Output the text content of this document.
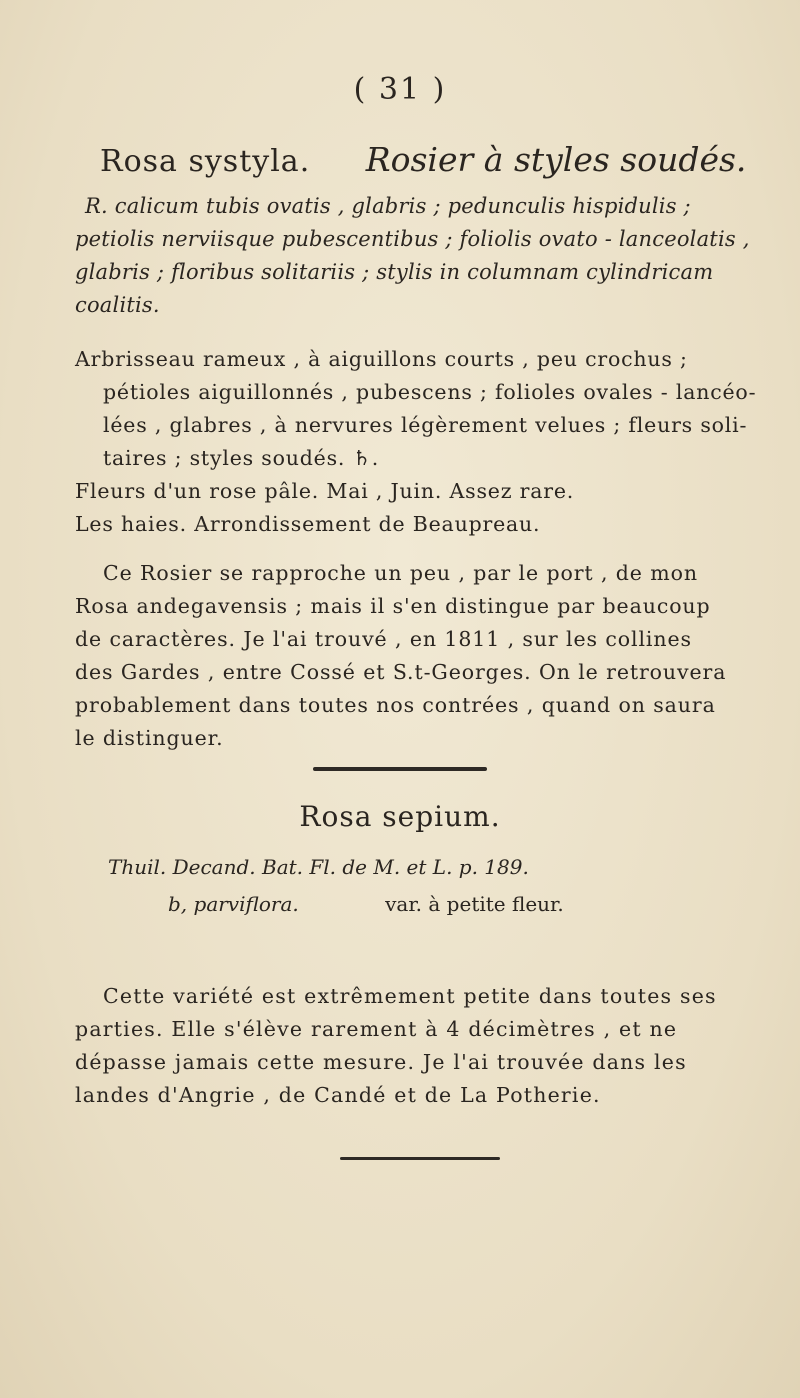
( 31 )
Rosa systyla. Rosier à styles soudés.
R. calicum tubis ovatis , glabris ; pedunculis hispidulis ;
petiolis nerviisque pubescentibus ; foliolis ovato - lanceolatis ,
glabris ; floribus solitariis ; stylis in columnam cylindricam
coalitis.
Arbrisseau rameux , à aiguillons courts , peu crochus ;
pétioles aiguillonnés , pubescens ; folioles ovales - lancéo-
lées , glabres , à nervures légèrement velues ; fleurs soli-
taires ; styles soudés. ♄.
Fleurs d'un rose pâle. Mai , Juin. Assez rare.
Les haies. Arrondissement de Beaupreau.
Ce Rosier se rapproche un peu , par le port , de mon
Rosa andegavensis ; mais il s'en distingue par beaucoup
de caractères. Je l'ai trouvé , en 1811 , sur les collines
des Gardes , entre Cossé et S.t-Georges. On le retrouvera
probablement dans toutes nos contrées , quand on saura
le distinguer.
Rosa sepium.
Thuil. Decand. Bat. Fl. de M. et L. p. 189.
b, parviflora.	var. à petite fleur.
Cette variété est extrêmement petite dans toutes ses
parties. Elle s'élève rarement à 4 décimètres , et ne
dépasse jamais cette mesure. Je l'ai trouvée dans les
landes d'Angrie , de Candé et de La Potherie.
